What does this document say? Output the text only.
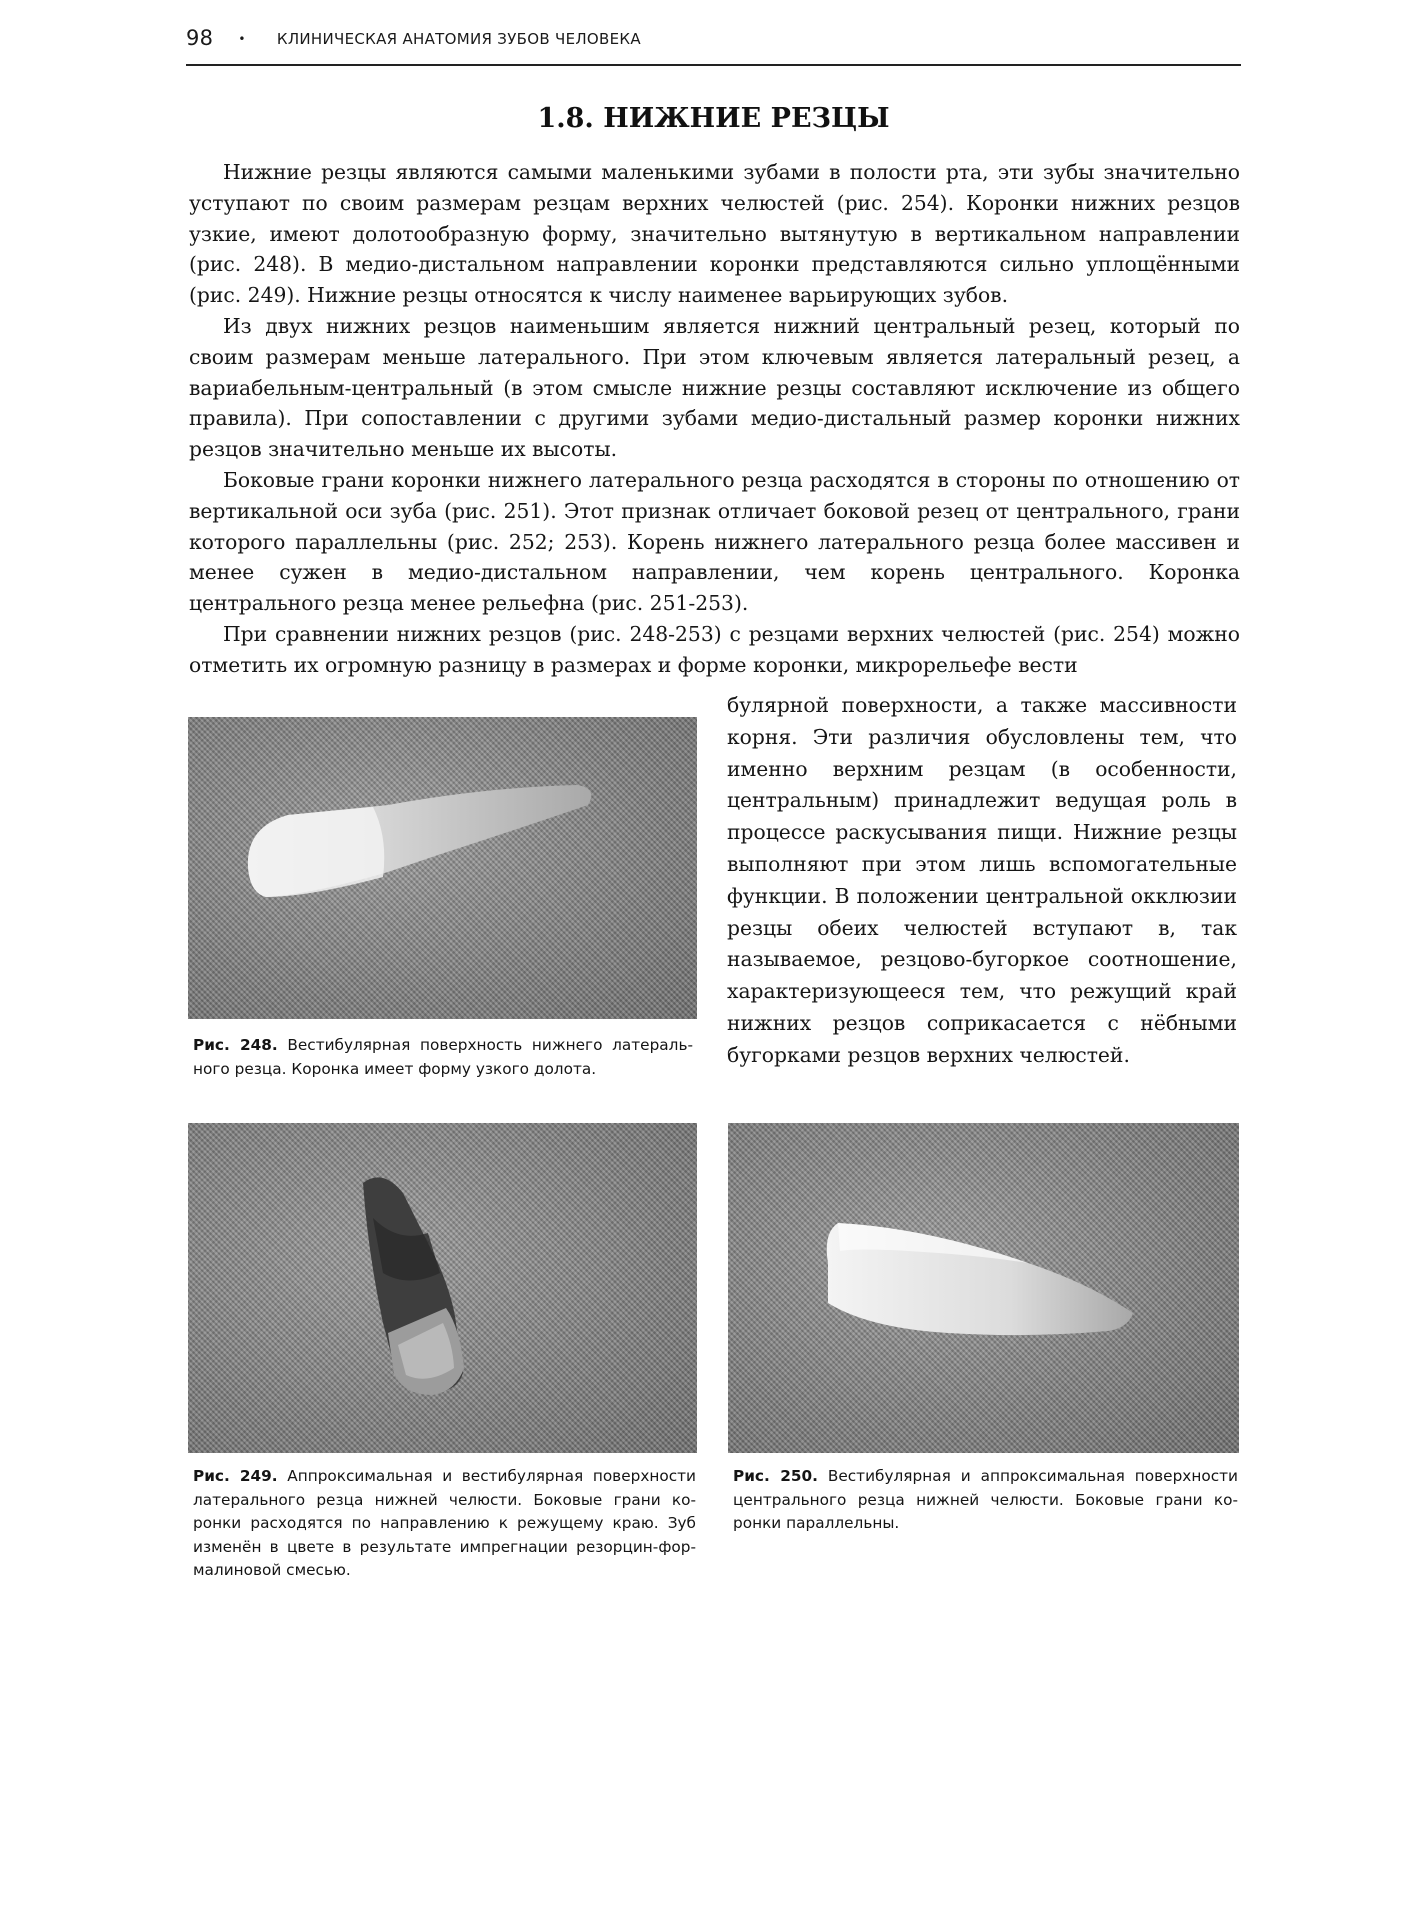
98 • КЛИНИЧЕСКАЯ АНАТОМИЯ ЗУБОВ ЧЕЛОВЕКА
1.8. НИЖНИЕ РЕЗЦЫ

Нижние резцы являются самыми маленькими зубами в полости рта, эти зубы значительно уступают по своим размерам резцам верхних челюстей (рис. 254). Коронки нижних резцов узкие, имеют долотообразную форму, значительно вытянутую в вертикальном направлении (рис. 248). В медио-дистальном направлении коронки представляются сильно уплощёнными (рис. 249). Нижние резцы относятся к числу наименее варьирующих зубов.

Из двух нижних резцов наименьшим является нижний центральный резец, который по своим размерам меньше латерального. При этом ключевым является латеральный резец, а вариабельным-центральный (в этом смысле нижние резцы составляют исключение из общего правила). При сопоставлении с другими зубами медио-дистальный размер коронки нижних резцов значительно меньше их высоты.

Боковые грани коронки нижнего латерального резца расходятся в стороны по отношению от вертикальной оси зуба (рис. 251). Этот признак отличает боковой резец от центрального, грани которого параллельны (рис. 252; 253). Корень нижнего латерального резца более массивен и менее сужен в медио-дистальном направлении, чем корень центрального. Коронка центрального резца менее рельефна (рис. 251-253).

При сравнении нижних резцов (рис. 248-253) с резцами верхних челюстей (рис. 254) можно отметить их огромную разницу в размерах и форме коронки, микрорельефе вести

булярной поверхности, а также массивности корня. Эти различия обусловлены тем, что именно верхним резцам (в особенности, центральным) принадлежит ведущая роль в процессе раскусывания пищи. Нижние резцы выполняют при этом лишь вспомогательные функции. В положении центральной окклюзии резцы обеих челюстей вступают в, так называемое, резцово-бугоркое соотношение, характеризующееся тем, что режущий край нижних резцов соприкасается с нёбными бугорками резцов верхних челюстей.
Рис. 248. Вестибулярная поверхность нижнего латерального резца. Коронка имеет форму узкого долота.
Рис. 249. Аппроксимальная и вестибулярная поверхности латерального резца нижней челюсти. Боковые грани коронки расходятся по направлению к режущему краю. Зуб изменён в цвете в результате импрегнации резорцин-формалиновой смесью.
Рис. 250. Вестибулярная и аппроксимальная поверхности центрального резца нижней челюсти. Боковые грани коронки параллельны.
